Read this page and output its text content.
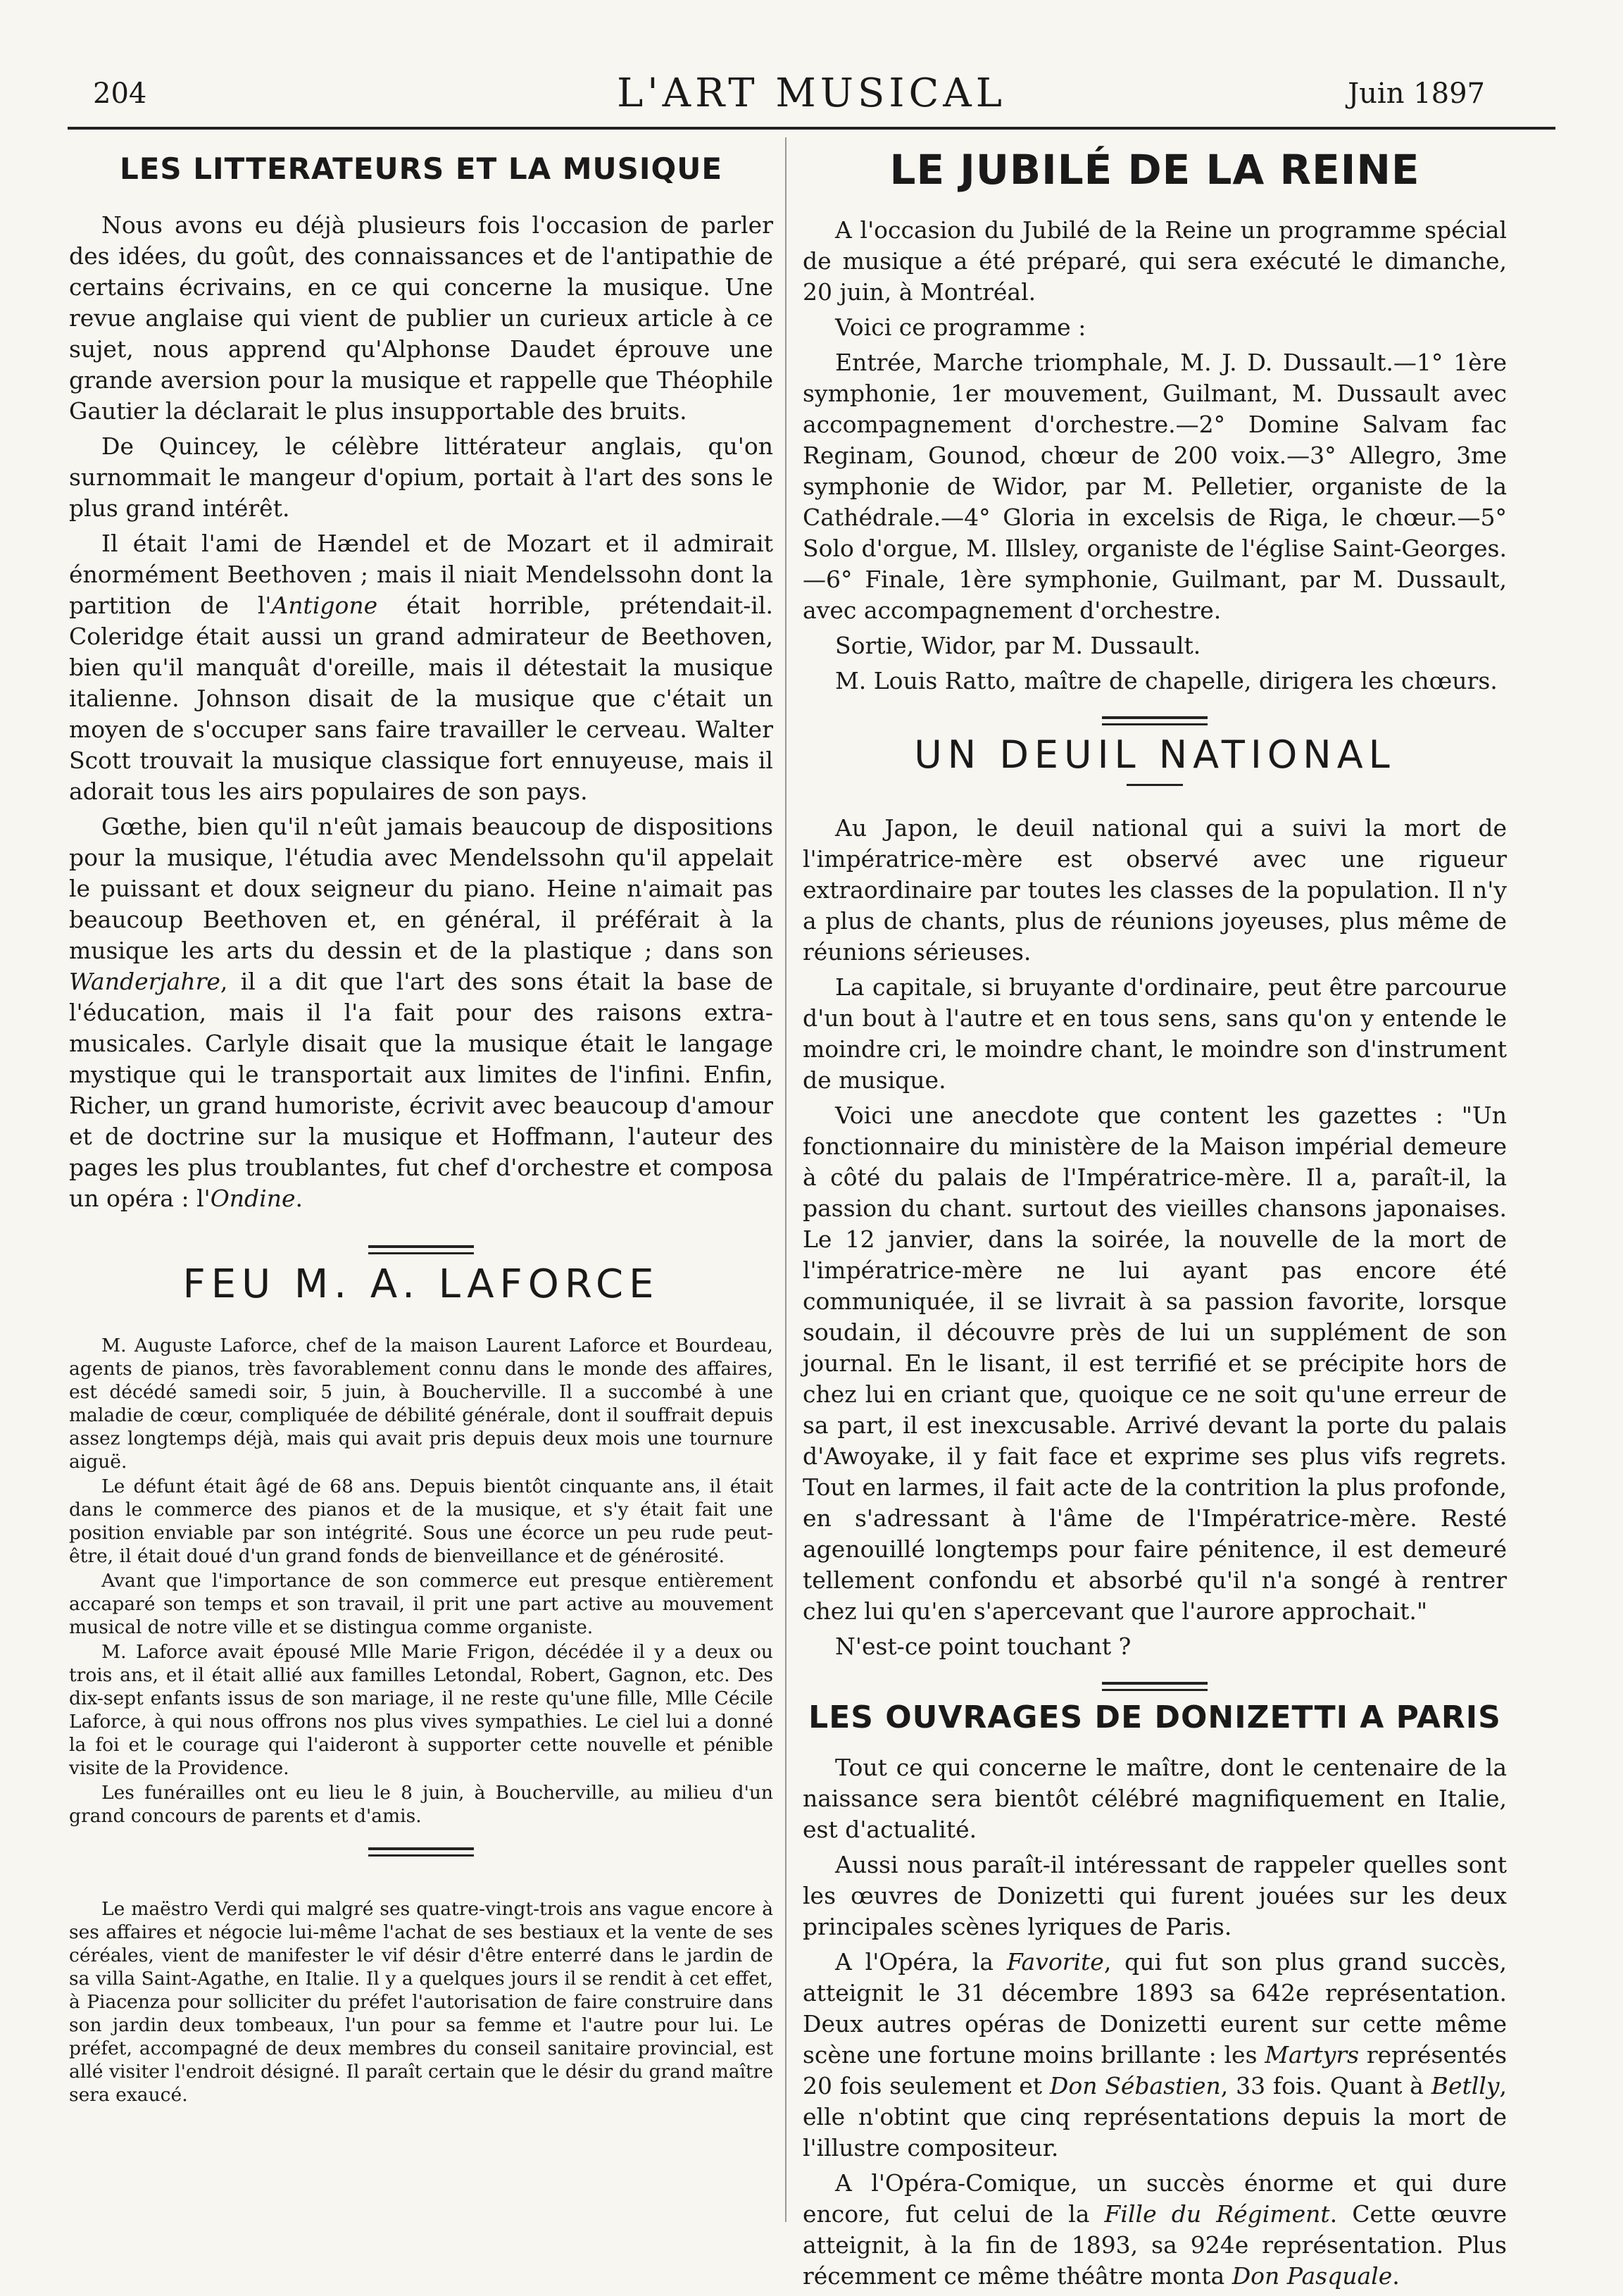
204	L'ART MUSICAL	Juin 1897
LES LITTERATEURS ET LA MUSIQUE

Nous avons eu déjà plusieurs fois l'occasion de parler des idées, du goût, des connaissances et de l'antipathie de certains écrivains, en ce qui concerne la musique. Une revue anglaise qui vient de publier un curieux article à ce sujet, nous apprend qu'Alphonse Daudet éprouve une grande aversion pour la musique et rappelle que Théophile Gautier la déclarait le plus insupportable des bruits.

De Quincey, le célèbre littérateur anglais, qu'on surnommait le mangeur d'opium, portait à l'art des sons le plus grand intérêt.

Il était l'ami de Hændel et de Mozart et il admirait énormément Beethoven ; mais il niait Mendelssohn dont la partition de l'Antigone était horrible, prétendait-il. Coleridge était aussi un grand admirateur de Beethoven, bien qu'il manquât d'oreille, mais il détestait la musique italienne. Johnson disait de la musique que c'était un moyen de s'occuper sans faire travailler le cerveau. Walter Scott trouvait la musique classique fort ennuyeuse, mais il adorait tous les airs populaires de son pays.

Gœthe, bien qu'il n'eût jamais beaucoup de dispositions pour la musique, l'étudia avec Mendelssohn qu'il appelait le puissant et doux seigneur du piano. Heine n'aimait pas beaucoup Beethoven et, en général, il préférait à la musique les arts du dessin et de la plastique ; dans son Wanderjahre, il a dit que l'art des sons était la base de l'éducation, mais il l'a fait pour des raisons extra-musicales. Carlyle disait que la musique était le langage mystique qui le transportait aux limites de l'infini. Enfin, Richer, un grand humoriste, écrivit avec beaucoup d'amour et de doctrine sur la musique et Hoffmann, l'auteur des pages les plus troublantes, fut chef d'orchestre et composa un opéra : l'Ondine.

FEU M. A. LAFORCE

M. Auguste Laforce, chef de la maison Laurent Laforce et Bourdeau, agents de pianos, très favorablement connu dans le monde des affaires, est décédé samedi soir, 5 juin, à Boucherville. Il a succombé à une maladie de cœur, compliquée de débilité générale, dont il souffrait depuis assez longtemps déjà, mais qui avait pris depuis deux mois une tournure aiguë.

Le défunt était âgé de 68 ans. Depuis bientôt cinquante ans, il était dans le commerce des pianos et de la musique, et s'y était fait une position enviable par son intégrité. Sous une écorce un peu rude peut-être, il était doué d'un grand fonds de bienveillance et de générosité.

Avant que l'importance de son commerce eut presque entièrement accaparé son temps et son travail, il prit une part active au mouvement musical de notre ville et se distingua comme organiste.

M. Laforce avait épousé Mlle Marie Frigon, décédée il y a deux ou trois ans, et il était allié aux familles Letondal, Robert, Gagnon, etc. Des dix-sept enfants issus de son mariage, il ne reste qu'une fille, Mlle Cécile Laforce, à qui nous offrons nos plus vives sympathies. Le ciel lui a donné la foi et le courage qui l'aideront à supporter cette nouvelle et pénible visite de la Providence.

Les funérailles ont eu lieu le 8 juin, à Boucherville, au milieu d'un grand concours de parents et d'amis.

Le maëstro Verdi qui malgré ses quatre-vingt-trois ans vague encore à ses affaires et négocie lui-même l'achat de ses bestiaux et la vente de ses céréales, vient de manifester le vif désir d'être enterré dans le jardin de sa villa Saint-Agathe, en Italie. Il y a quelques jours il se rendit à cet effet, à Piacenza pour solliciter du préfet l'autorisation de faire construire dans son jardin deux tombeaux, l'un pour sa femme et l'autre pour lui. Le préfet, accompagné de deux membres du conseil sanitaire provincial, est allé visiter l'endroit désigné. Il paraît certain que le désir du grand maître sera exaucé.

LE JUBILÉ DE LA REINE

A l'occasion du Jubilé de la Reine un programme spécial de musique a été préparé, qui sera exécuté le dimanche, 20 juin, à Montréal.

Voici ce programme :

Entrée, Marche triomphale, M. J. D. Dussault.—1° 1ère symphonie, 1er mouvement, Guilmant, M. Dussault avec accompagnement d'orchestre.—2° Domine Salvam fac Reginam, Gounod, chœur de 200 voix.—3° Allegro, 3me symphonie de Widor, par M. Pelletier, organiste de la Cathédrale.—4° Gloria in excelsis de Riga, le chœur.—5° Solo d'orgue, M. Illsley, organiste de l'église Saint-Georges.—6° Finale, 1ère symphonie, Guilmant, par M. Dussault, avec accompagnement d'orchestre.

Sortie, Widor, par M. Dussault.

M. Louis Ratto, maître de chapelle, dirigera les chœurs.

UN DEUIL NATIONAL

Au Japon, le deuil national qui a suivi la mort de l'impératrice-mère est observé avec une rigueur extraordinaire par toutes les classes de la population. Il n'y a plus de chants, plus de réunions joyeuses, plus même de réunions sérieuses.

La capitale, si bruyante d'ordinaire, peut être parcourue d'un bout à l'autre et en tous sens, sans qu'on y entende le moindre cri, le moindre chant, le moindre son d'instrument de musique.

Voici une anecdote que content les gazettes : "Un fonctionnaire du ministère de la Maison impérial demeure à côté du palais de l'Impératrice-mère. Il a, paraît-il, la passion du chant. surtout des vieilles chansons japonaises. Le 12 janvier, dans la soirée, la nouvelle de la mort de l'impératrice-mère ne lui ayant pas encore été communiquée, il se livrait à sa passion favorite, lorsque soudain, il découvre près de lui un supplément de son journal. En le lisant, il est terrifié et se précipite hors de chez lui en criant que, quoique ce ne soit qu'une erreur de sa part, il est inexcusable. Arrivé devant la porte du palais d'Awoyake, il y fait face et exprime ses plus vifs regrets. Tout en larmes, il fait acte de la contrition la plus profonde, en s'adressant à l'âme de l'Impératrice-mère. Resté agenouillé longtemps pour faire pénitence, il est demeuré tellement confondu et absorbé qu'il n'a songé à rentrer chez lui qu'en s'apercevant que l'aurore approchait."

N'est-ce point touchant ?

LES OUVRAGES DE DONIZETTI A PARIS

Tout ce qui concerne le maître, dont le centenaire de la naissance sera bientôt célébré magnifiquement en Italie, est d'actualité.

Aussi nous paraît-il intéressant de rappeler quelles sont les œuvres de Donizetti qui furent jouées sur les deux principales scènes lyriques de Paris.

A l'Opéra, la Favorite, qui fut son plus grand succès, atteignit le 31 décembre 1893 sa 642e représentation. Deux autres opéras de Donizetti eurent sur cette même scène une fortune moins brillante : les Martyrs représentés 20 fois seulement et Don Sébastien, 33 fois. Quant à Betlly, elle n'obtint que cinq représentations depuis la mort de l'illustre compositeur.

A l'Opéra-Comique, un succès énorme et qui dure encore, fut celui de la Fille du Régiment. Cette œuvre atteignit, à la fin de 1893, sa 924e représentation. Plus récemment ce même théâtre monta Don Pasquale.
